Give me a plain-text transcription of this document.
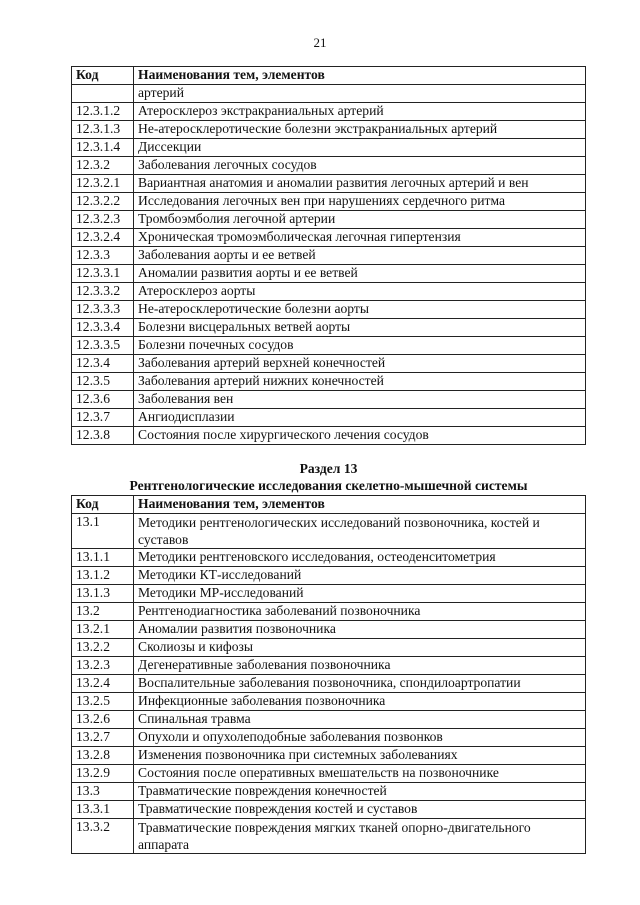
21
Код	Наименования тем, элементов
	артерий
12.3.1.2	Атеросклероз экстракраниальных артерий
12.3.1.3	Не-атеросклеротические болезни экстракраниальных артерий
12.3.1.4	Диссекции
12.3.2	Заболевания легочных сосудов
12.3.2.1	Вариантная анатомия и аномалии развития легочных артерий и вен
12.3.2.2	Исследования легочных вен при нарушениях сердечного ритма
12.3.2.3	Тромбоэмболия легочной артерии
12.3.2.4	Хроническая тромоэмболическая легочная гипертензия
12.3.3	Заболевания аорты и ее ветвей
12.3.3.1	Аномалии развития аорты и ее ветвей
12.3.3.2	Атеросклероз аорты
12.3.3.3	Не-атеросклеротические болезни аорты
12.3.3.4	Болезни висцеральных ветвей аорты
12.3.3.5	Болезни почечных сосудов
12.3.4	Заболевания артерий верхней конечностей
12.3.5	Заболевания артерий нижних конечностей
12.3.6	Заболевания вен
12.3.7	Ангиодисплазии
12.3.8	Состояния после хирургического лечения сосудов
Раздел 13
Рентгенологические исследования скелетно-мышечной системы
Код	Наименования тем, элементов
13.1	Методики рентгенологических исследований позвоночника, костей и суставов
13.1.1	Методики рентгеновского исследования, остеоденситометрия
13.1.2	Методики КТ-исследований
13.1.3	Методики МР-исследований
13.2	Рентгенодиагностика заболеваний позвоночника
13.2.1	Аномалии развития позвоночника
13.2.2	Сколиозы и кифозы
13.2.3	Дегенеративные заболевания позвоночника
13.2.4	Воспалительные заболевания позвоночника, спондилоартропатии
13.2.5	Инфекционные заболевания позвоночника
13.2.6	Спинальная травма
13.2.7	Опухоли и опухолеподобные заболевания позвонков
13.2.8	Изменения позвоночника при системных заболеваниях
13.2.9	Состояния после оперативных вмешательств на позвоночнике
13.3	Травматические повреждения конечностей
13.3.1	Травматические повреждения костей и суставов
13.3.2	Травматические повреждения мягких тканей опорно-двигательного аппарата
